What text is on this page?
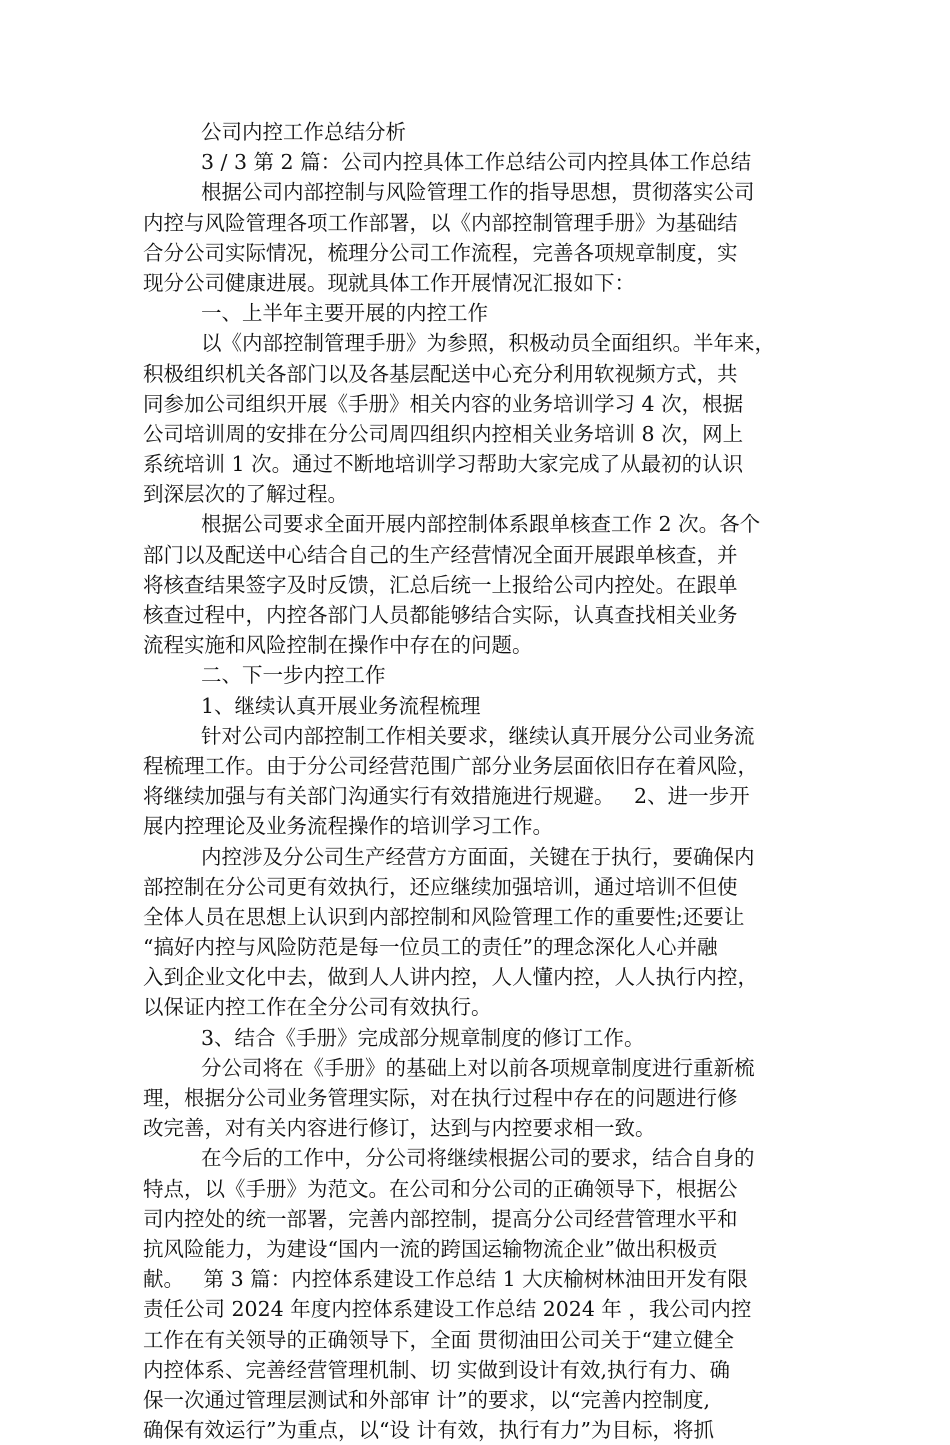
公司内控工作总结分析
3 / 3 第 2 篇：公司内控具体工作总结公司内控具体工作总结
根据公司内部控制与风险管理工作的指导思想，贯彻落实公司
内控与风险管理各项工作部署，以《内部控制管理手册》为基础结
合分公司实际情况，梳理分公司工作流程，完善各项规章制度，实
现分公司健康进展。现就具体工作开展情况汇报如下：
一、上半年主要开展的内控工作
以《内部控制管理手册》为参照，积极动员全面组织。半年来，
积极组织机关各部门以及各基层配送中心充分利用软视频方式，共
同参加公司组织开展《手册》相关内容的业务培训学习 4 次，根据
公司培训周的安排在分公司周四组织内控相关业务培训 8 次，网上
系统培训 1 次。通过不断地培训学习帮助大家完成了从最初的认识
到深层次的了解过程。
根据公司要求全面开展内部控制体系跟单核查工作 2 次。各个
部门以及配送中心结合自己的生产经营情况全面开展跟单核查，并
将核查结果签字及时反馈，汇总后统一上报给公司内控处。在跟单
核查过程中，内控各部门人员都能够结合实际，认真查找相关业务
流程实施和风险控制在操作中存在的问题。
二、下一步内控工作
1、继续认真开展业务流程梳理
针对公司内部控制工作相关要求，继续认真开展分公司业务流
程梳理工作。由于分公司经营范围广部分业务层面依旧存在着风险，
将继续加强与有关部门沟通实行有效措施进行规避。   2、进一步开
展内控理论及业务流程操作的培训学习工作。
内控涉及分公司生产经营方方面面，关键在于执行，要确保内
部控制在分公司更有效执行，还应继续加强培训，通过培训不但使
全体人员在思想上认识到内部控制和风险管理工作的重要性;还要让
“搞好内控与风险防范是每一位员工的责任”的理念深化人心并融
入到企业文化中去，做到人人讲内控，人人懂内控，人人执行内控，
以保证内控工作在全分公司有效执行。
3、结合《手册》完成部分规章制度的修订工作。
分公司将在《手册》的基础上对以前各项规章制度进行重新梳
理，根据分公司业务管理实际，对在执行过程中存在的问题进行修
改完善，对有关内容进行修订，达到与内控要求相一致。
在今后的工作中，分公司将继续根据公司的要求，结合自身的
特点，以《手册》为范文。在公司和分公司的正确领导下，根据公
司内控处的统一部署，完善内部控制，提高分公司经营管理水平和
抗风险能力，为建设“国内一流的跨国运输物流企业”做出积极贡
献。   第 3 篇：内控体系建设工作总结 1 大庆榆树林油田开发有限
责任公司 2024 年度内控体系建设工作总结 2024 年 ，我公司内控
工作在有关领导的正确领导下，全面 贯彻油田公司关于“建立健全
内控体系、完善经营管理机制、切 实做到设计有效,执行有力、确
保一次通过管理层测试和外部审 计”的要求，以“完善内控制度,
确保有效运行”为重点，以“设 计有效，执行有力”为目标，将抓
